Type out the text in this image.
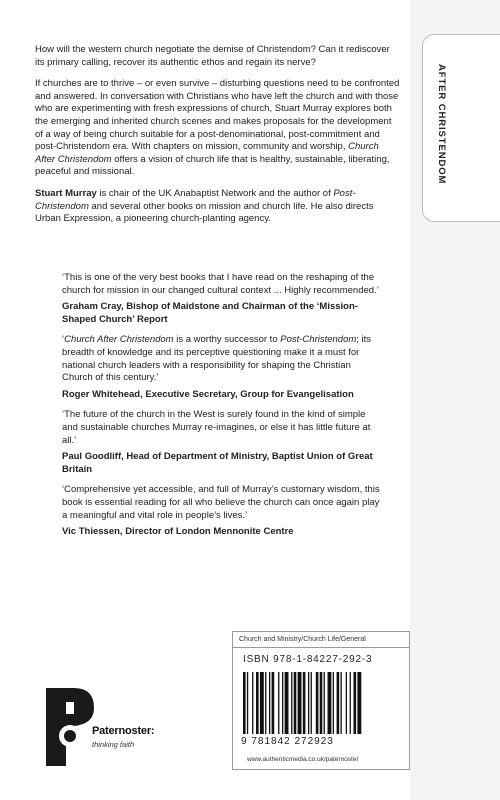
AFTER CHRISTENDOM

How will the western church negotiate the demise of Christendom? Can it rediscover its primary calling, recover its authentic ethos and regain its nerve?

If churches are to thrive – or even survive – disturbing questions need to be confronted and answered. In conversation with Christians who have left the church and with those who are experimenting with fresh expressions of church, Stuart Murray explores both the emerging and inherited church scenes and makes proposals for the development of a way of being church suitable for a post-denominational, post-commitment and post-Christendom era. With chapters on mission, community and worship, Church After Christendom offers a vision of church life that is healthy, sustainable, liberating, peaceful and missional.

Stuart Murray is chair of the UK Anabaptist Network and the author of Post-Christendom and several other books on mission and church life. He also directs Urban Expression, a pioneering church-planting agency.

‘This is one of the very best books that I have read on the reshaping of the church for mission in our changed cultural context ... Highly recommended.’

Graham Cray, Bishop of Maidstone and Chairman of the ‘Mission-Shaped Church’ Report

‘Church After Christendom is a worthy successor to Post-Christendom; its breadth of knowledge and its perceptive questioning make it a must for national church leaders with a responsibility for shaping the Christian Church of this century.’

Roger Whitehead, Executive Secretary, Group for Evangelisation

‘The future of the church in the West is surely found in the kind of simple and sustainable churches Murray re-imagines, or else it has little future at all.’

Paul Goodliff, Head of Department of Ministry, Baptist Union of Great Britain

‘Comprehensive yet accessible, and full of Murray’s customary wisdom, this book is essential reading for all who believe the church can once again play a meaningful and vital role in people’s lives.’

Vic Thiessen, Director of London Mennonite Centre

Paternoster:
thinking faith
Church and Ministry/Church Life/General
ISBN 978-1-84227-292-3
9 781842 272923
www.authenticmedia.co.uk/paternoster
